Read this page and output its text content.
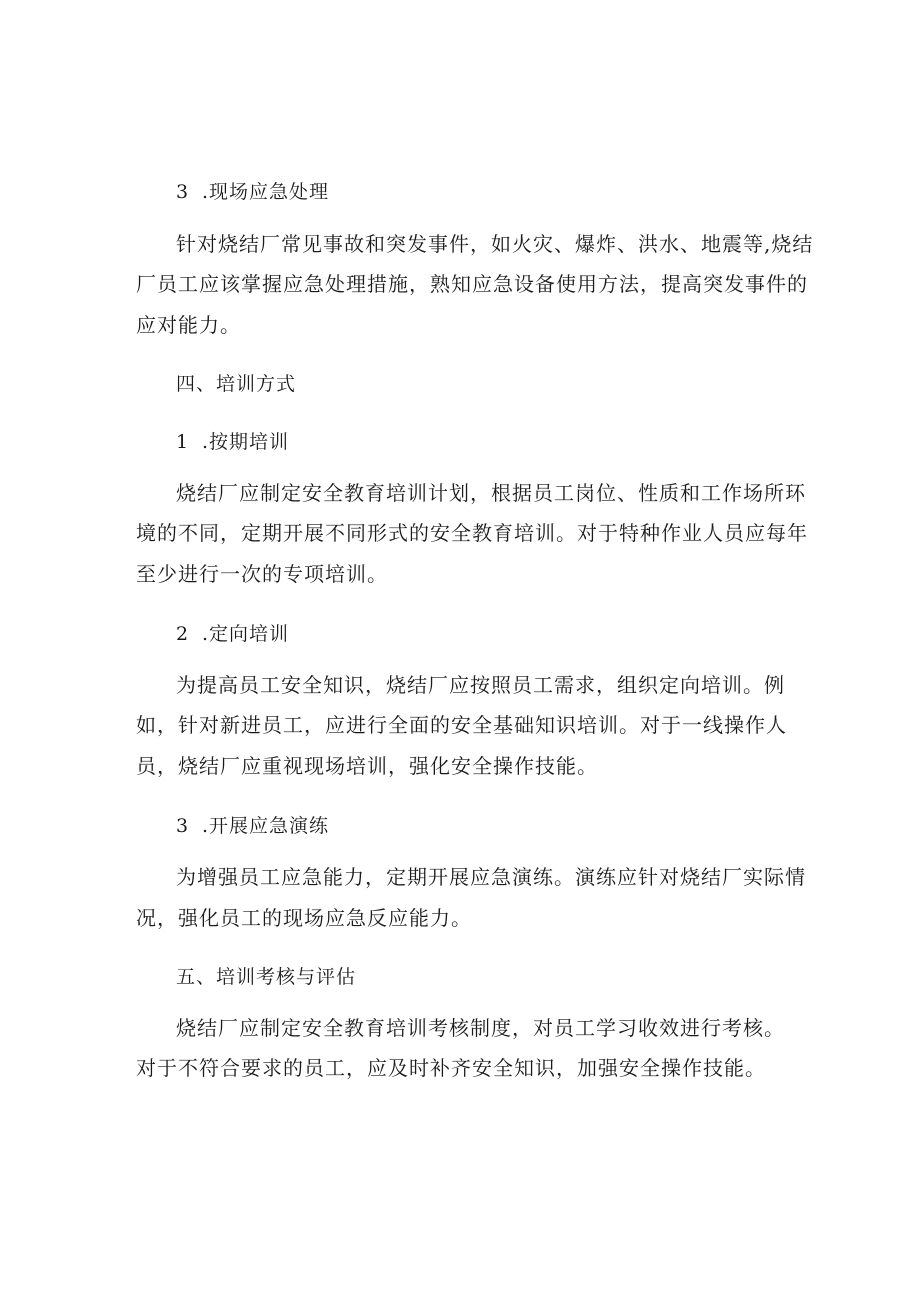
3 .现场应急处理
针对烧结厂常见事故和突发事件，如火灾、爆炸、洪水、地震等,烧结
厂员工应该掌握应急处理措施，熟知应急设备使用方法，提高突发事件的
应对能力。
四、培训方式
1 .按期培训
烧结厂应制定安全教育培训计划，根据员工岗位、性质和工作场所环
境的不同，定期开展不同形式的安全教育培训。对于特种作业人员应每年
至少进行一次的专项培训。
2 .定向培训
为提高员工安全知识，烧结厂应按照员工需求，组织定向培训。例
如，针对新进员工，应进行全面的安全基础知识培训。对于一线操作人
员，烧结厂应重视现场培训，强化安全操作技能。
3 .开展应急演练
为增强员工应急能力，定期开展应急演练。演练应针对烧结厂实际情
况，强化员工的现场应急反应能力。
五、培训考核与评估
烧结厂应制定安全教育培训考核制度，对员工学习收效进行考核。
对于不符合要求的员工，应及时补齐安全知识，加强安全操作技能。
